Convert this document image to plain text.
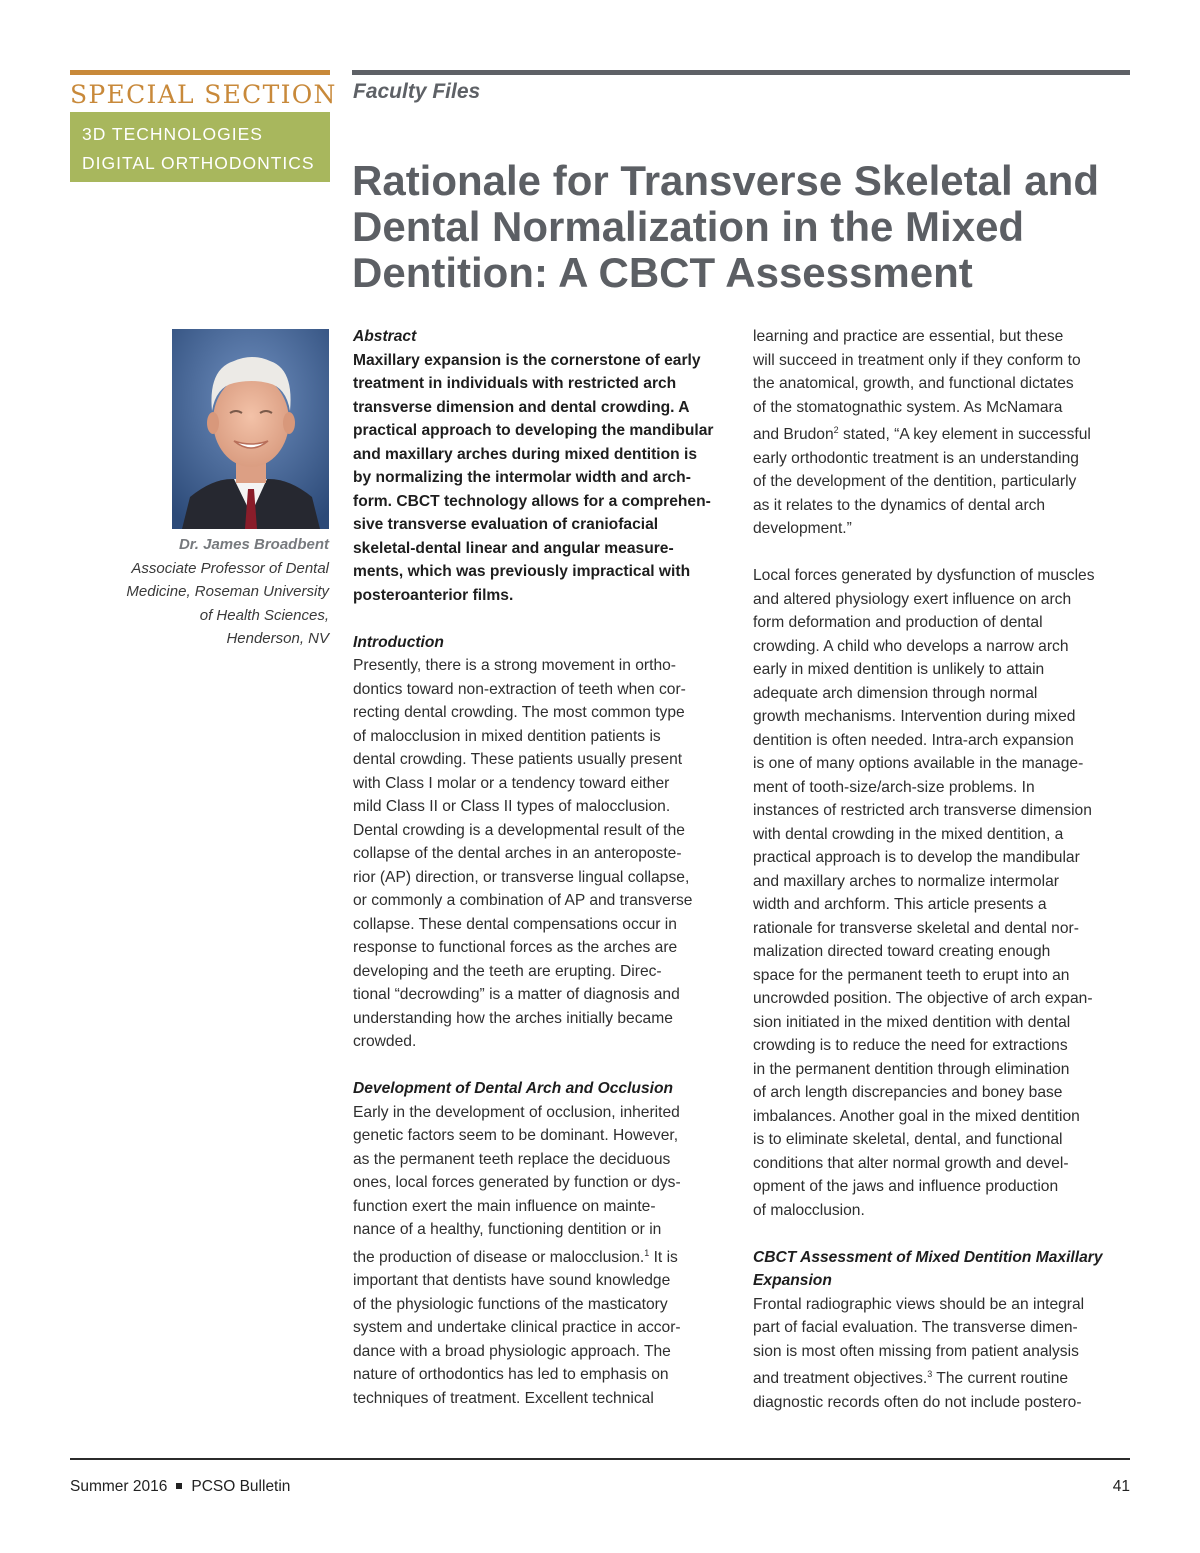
SPECIAL SECTION
3D TECHNOLOGIES
DIGITAL ORTHODONTICS
Faculty Files
Rationale for Transverse Skeletal and
Dental Normalization in the Mixed
Dentition: A CBCT Assessment
Dr. James Broadbent
Associate Professor of Dental
Medicine, Roseman University
of Health Sciences,
Henderson, NV
Abstract
Maxillary expansion is the cornerstone of early
treatment in individuals with restricted arch
transverse dimension and dental crowding. A
practical approach to developing the mandibular
and maxillary arches during mixed dentition is
by normalizing the intermolar width and arch-
form. CBCT technology allows for a comprehen-
sive transverse evaluation of craniofacial
skeletal-dental linear and angular measure-
ments, which was previously impractical with
posteroanterior films.
Introduction
Presently, there is a strong movement in ortho-
dontics toward non-extraction of teeth when cor-
recting dental crowding. The most common type
of malocclusion in mixed dentition patients is
dental crowding. These patients usually present
with Class I molar or a tendency toward either
mild Class II or Class II types of malocclusion.
Dental crowding is a developmental result of the
collapse of the dental arches in an anteroposte-
rior (AP) direction, or transverse lingual collapse,
or commonly a combination of AP and transverse
collapse. These dental compensations occur in
response to functional forces as the arches are
developing and the teeth are erupting. Direc-
tional “decrowding” is a matter of diagnosis and
understanding how the arches initially became
crowded.
Development of Dental Arch and Occlusion
Early in the development of occlusion, inherited
genetic factors seem to be dominant. However,
as the permanent teeth replace the deciduous
ones, local forces generated by function or dys-
function exert the main influence on mainte-
nance of a healthy, functioning dentition or in
the production of disease or malocclusion.$^1$ It is
important that dentists have sound knowledge
of the physiologic functions of the masticatory
system and undertake clinical practice in accor-
dance with a broad physiologic approach. The
nature of orthodontics has led to emphasis on
techniques of treatment. Excellent technical
learning and practice are essential, but these
will succeed in treatment only if they conform to
the anatomical, growth, and functional dictates
of the stomatognathic system. As McNamara
and Brudon$^2$ stated, “A key element in successful
early orthodontic treatment is an understanding
of the development of the dentition, particularly
as it relates to the dynamics of dental arch
development.”
Local forces generated by dysfunction of muscles
and altered physiology exert influence on arch
form deformation and production of dental
crowding. A child who develops a narrow arch
early in mixed dentition is unlikely to attain
adequate arch dimension through normal
growth mechanisms. Intervention during mixed
dentition is often needed. Intra-arch expansion
is one of many options available in the manage-
ment of tooth-size/arch-size problems. In
instances of restricted arch transverse dimension
with dental crowding in the mixed dentition, a
practical approach is to develop the mandibular
and maxillary arches to normalize intermolar
width and archform. This article presents a
rationale for transverse skeletal and dental nor-
malization directed toward creating enough
space for the permanent teeth to erupt into an
uncrowded position. The objective of arch expan-
sion initiated in the mixed dentition with dental
crowding is to reduce the need for extractions
in the permanent dentition through elimination
of arch length discrepancies and boney base
imbalances. Another goal in the mixed dentition
is to eliminate skeletal, dental, and functional
conditions that alter normal growth and devel-
opment of the jaws and influence production
of malocclusion.
CBCT Assessment of Mixed Dentition Maxillary
Expansion
Frontal radiographic views should be an integral
part of facial evaluation. The transverse dimen-
sion is most often missing from patient analysis
and treatment objectives.$^3$ The current routine
diagnostic records often do not include postero-
Summer 2016 PCSO Bulletin	41
